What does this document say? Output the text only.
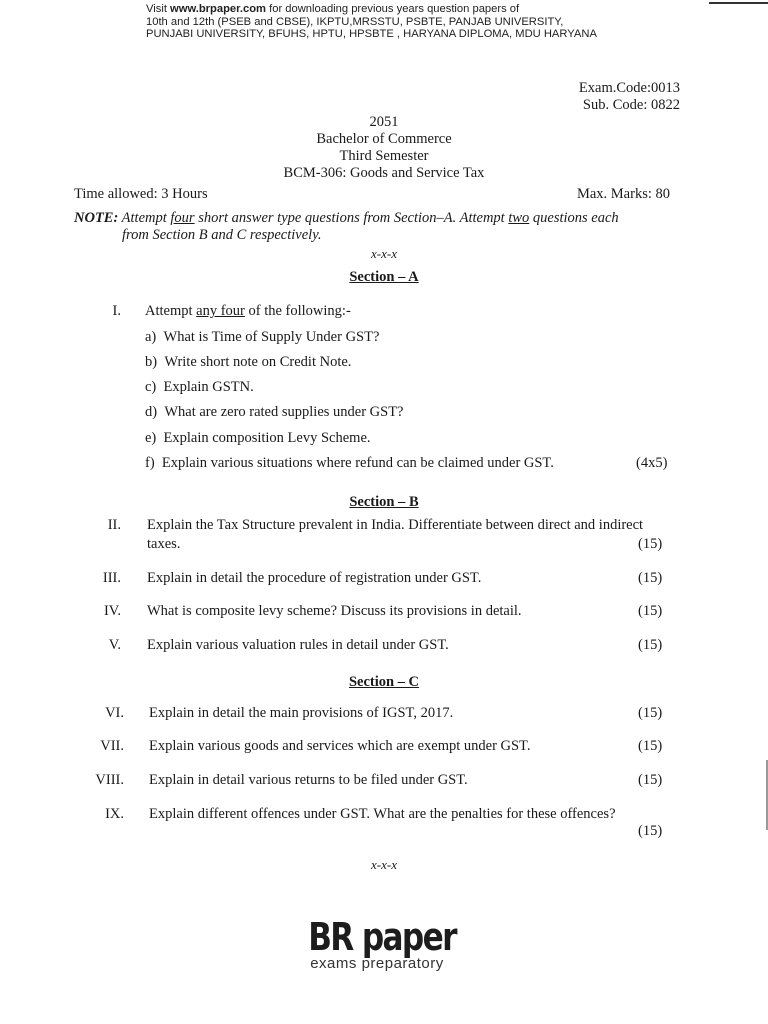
Visit www.brpaper.com for downloading previous years question papers of
10th and 12th (PSEB and CBSE), IKPTU,MRSSTU, PSBTE, PANJAB UNIVERSITY,
PUNJABI UNIVERSITY, BFUHS, HPTU, HPSBTE , HARYANA DIPLOMA, MDU HARYANA
Exam.Code:0013
Sub. Code: 0822
2051
Bachelor of Commerce
Third Semester
BCM-306: Goods and Service Tax
Time allowed: 3 Hours	Max. Marks: 80
NOTE: Attempt four short answer type questions from Section–A. Attempt two questions each
from Section B and C respectively.
x-x-x
Section – A
I. Attempt any four of the following:-
a) What is Time of Supply Under GST?
b) Write short note on Credit Note.
c) Explain GSTN.
d) What are zero rated supplies under GST?
e) Explain composition Levy Scheme.
f) Explain various situations where refund can be claimed under GST.	(4x5)
Section – B
II. Explain the Tax Structure prevalent in India. Differentiate between direct and indirect
taxes.	(15)
III. Explain in detail the procedure of registration under GST.	(15)
IV. What is composite levy scheme? Discuss its provisions in detail.	(15)
V. Explain various valuation rules in detail under GST.	(15)
Section – C
VI. Explain in detail the main provisions of IGST, 2017.	(15)
VII. Explain various goods and services which are exempt under GST.	(15)
VIII. Explain in detail various returns to be filed under GST.	(15)
IX. Explain different offences under GST. What are the penalties for these offences?
(15)
x-x-x
BR paper
exams preparatory
